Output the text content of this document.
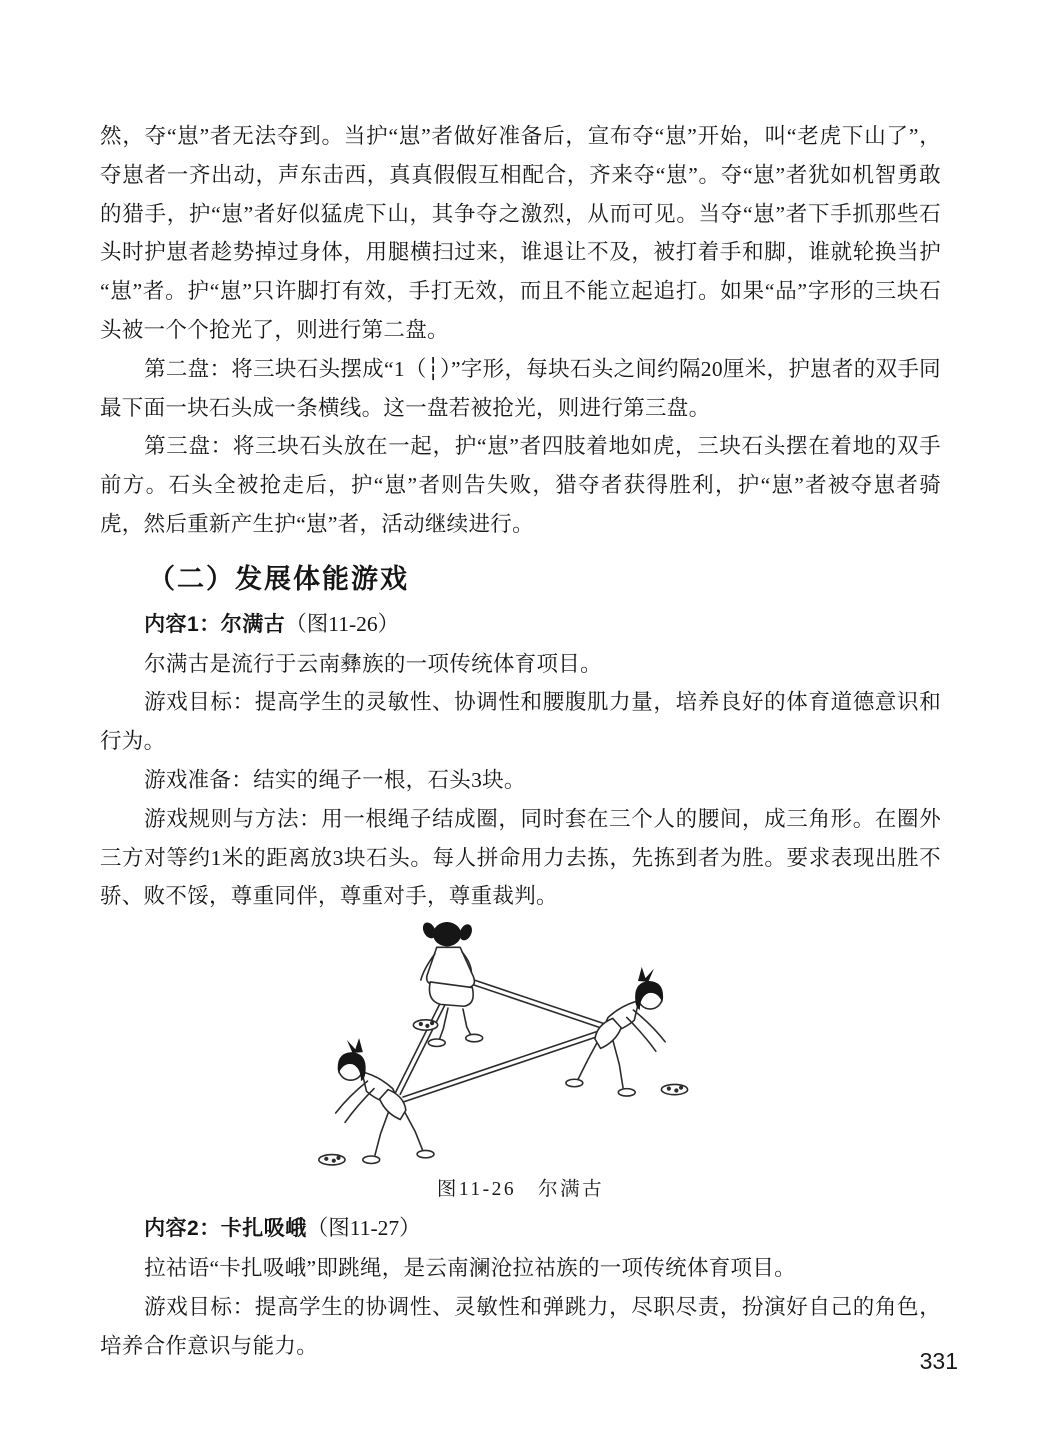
然，夺“崽”者无法夺到。当护“崽”者做好准备后，宣布夺“崽”开始，叫“老虎下山了”，夺崽者一齐出动，声东击西，真真假假互相配合，齐来夺“崽”。夺“崽”者犹如机智勇敢的猎手，护“崽”者好似猛虎下山，其争夺之激烈，从而可见。当夺“崽”者下手抓那些石头时护崽者趁势掉过身体，用腿横扫过来，谁退让不及，被打着手和脚，谁就轮换当护“崽”者。护“崽”只许脚打有效，手打无效，而且不能立起追打。如果“品”字形的三块石头被一个个抢光了，则进行第二盘。

第二盘：将三块石头摆成“1（┆）”字形，每块石头之间约隔20厘米，护崽者的双手同最下面一块石头成一条横线。这一盘若被抢光，则进行第三盘。

第三盘：将三块石头放在一起，护“崽”者四肢着地如虎，三块石头摆在着地的双手前方。石头全被抢走后，护“崽”者则告失败，猎夺者获得胜利，护“崽”者被夺崽者骑虎，然后重新产生护“崽”者，活动继续进行。

（二）发展体能游戏

内容1：尔满古（图11-26）

尔满古是流行于云南彝族的一项传统体育项目。

游戏目标：提高学生的灵敏性、协调性和腰腹肌力量，培养良好的体育道德意识和行为。

游戏准备：结实的绳子一根，石头3块。

游戏规则与方法：用一根绳子结成圈，同时套在三个人的腰间，成三角形。在圈外三方对等约1米的距离放3块石头。每人拼命用力去拣，先拣到者为胜。要求表现出胜不骄、败不馁，尊重同伴，尊重对手，尊重裁判。

图11-26　尔满古

内容2：卡扎吸峨（图11-27）

拉祜语“卡扎吸峨”即跳绳，是云南澜沧拉祜族的一项传统体育项目。

游戏目标：提高学生的协调性、灵敏性和弹跳力，尽职尽责，扮演好自己的角色，培养合作意识与能力。

331
